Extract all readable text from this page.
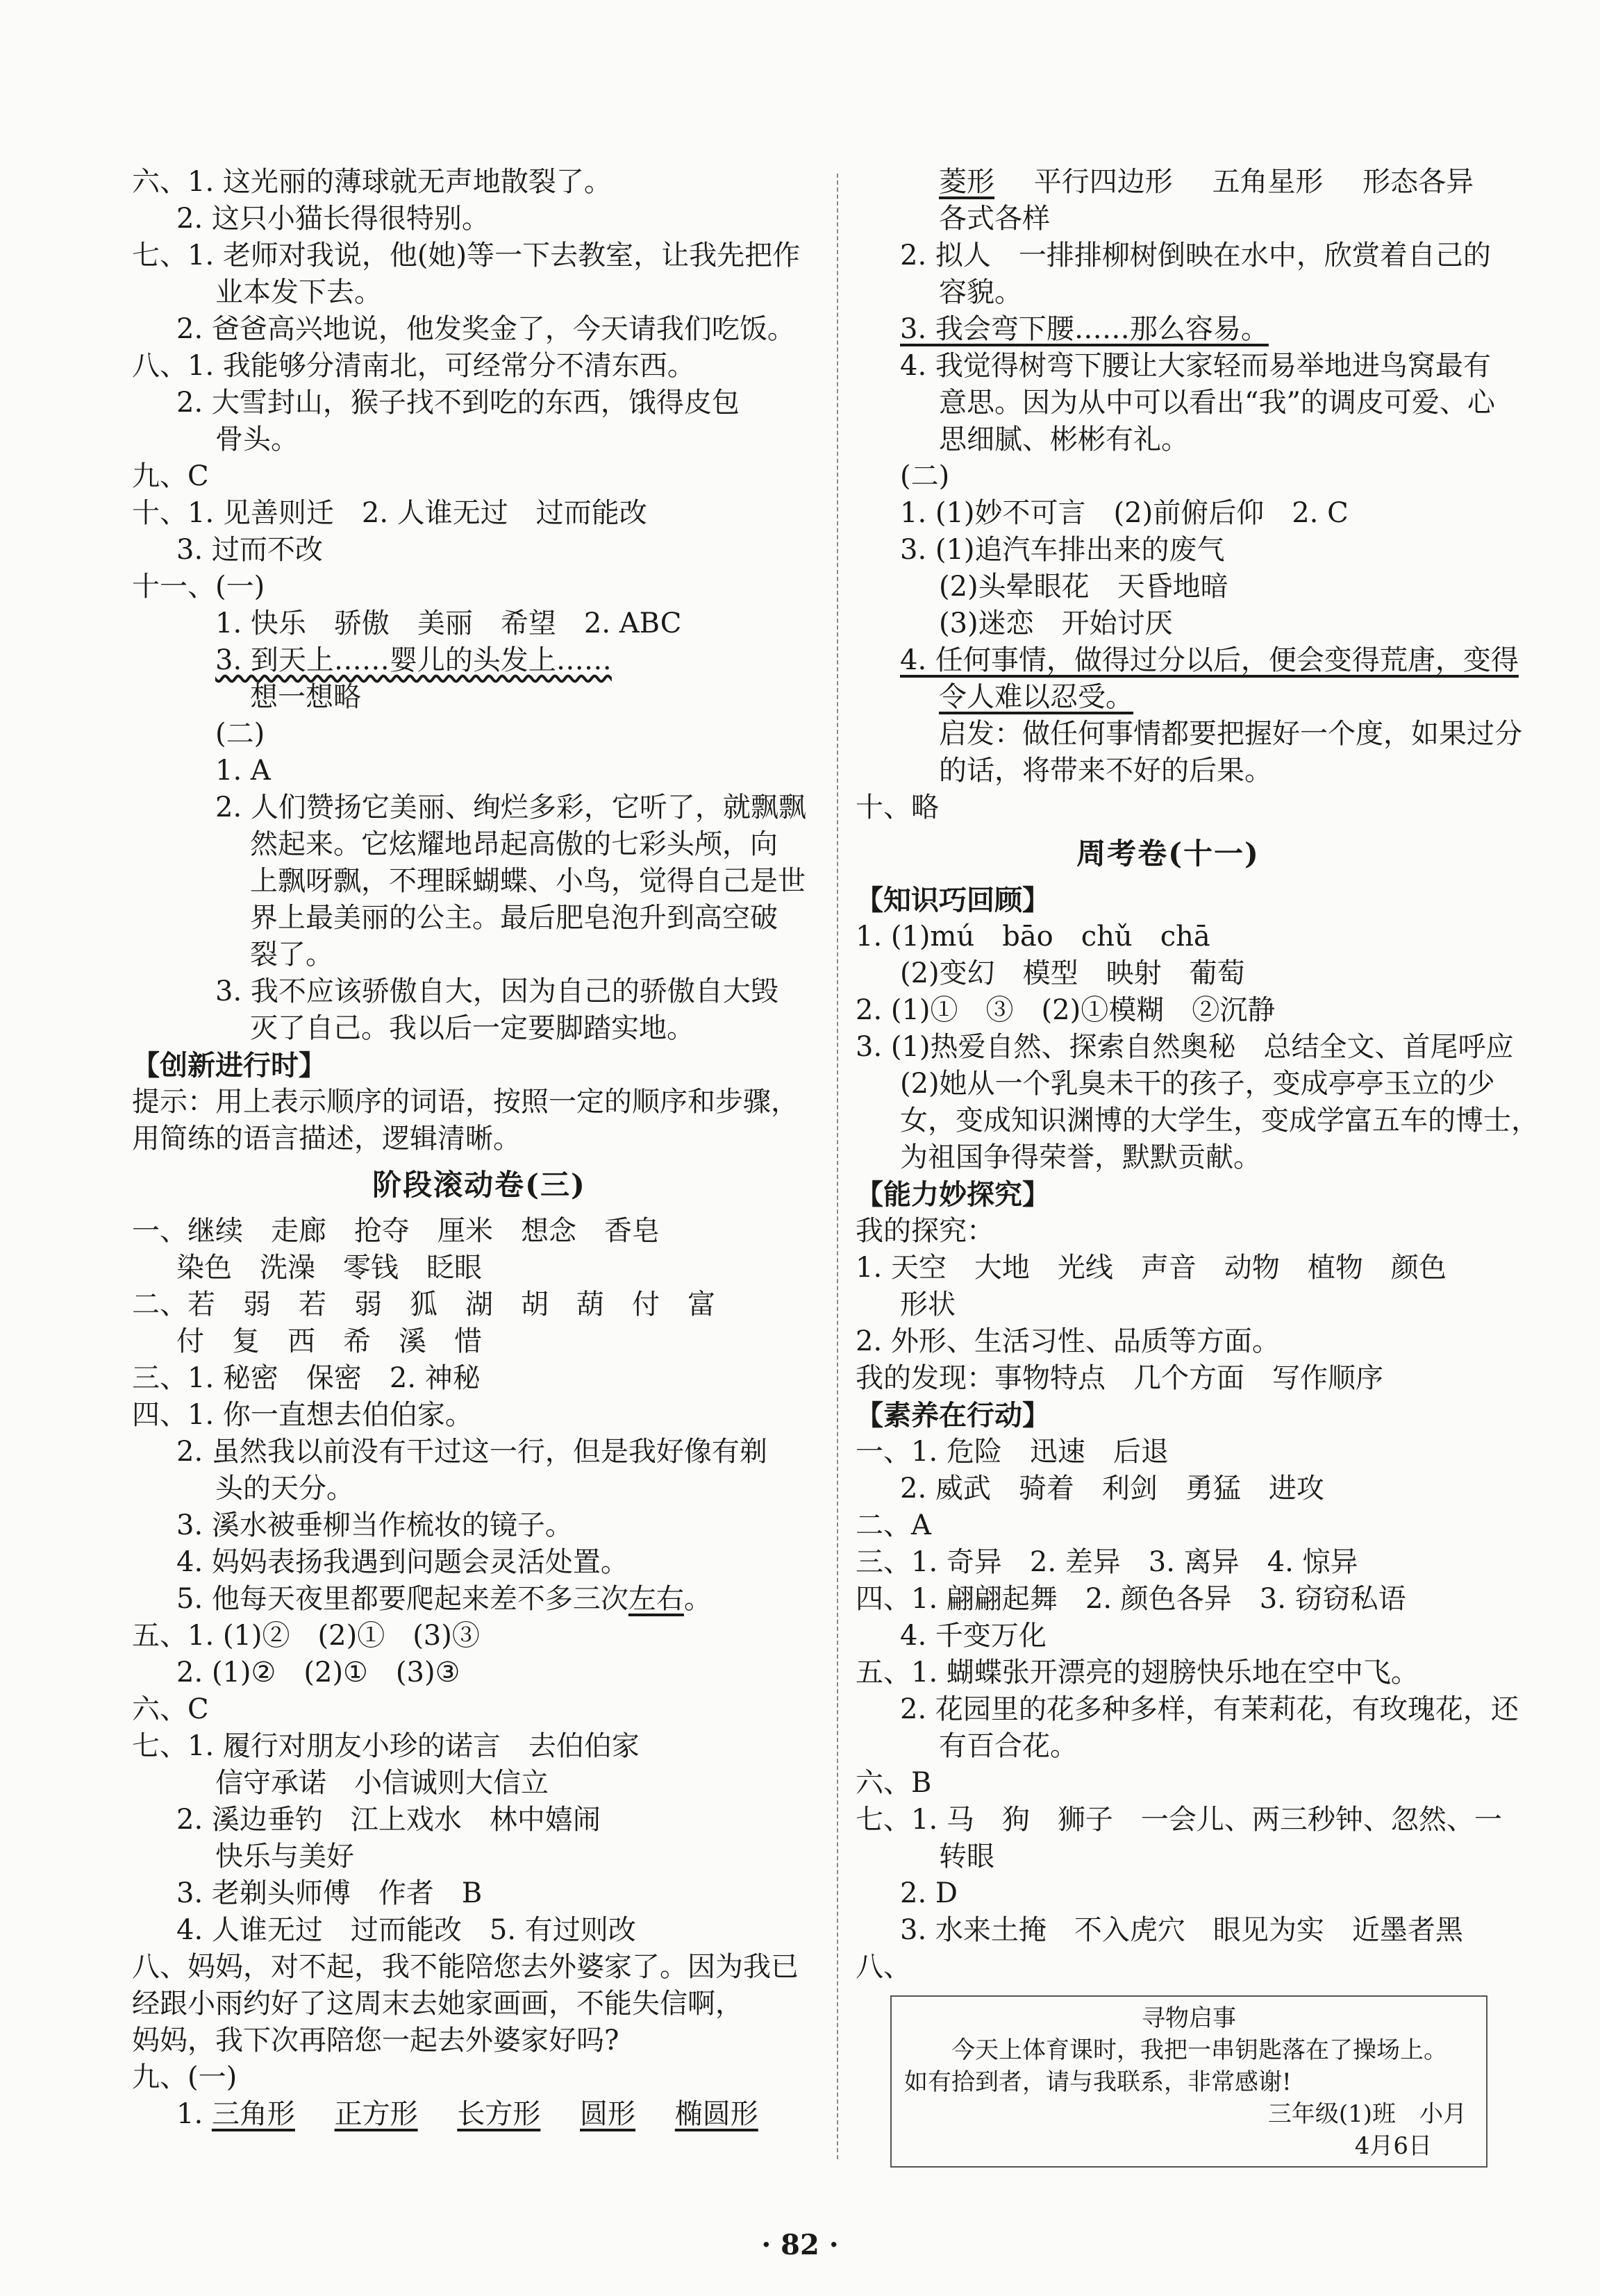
六、1. 这光丽的薄球就无声地散裂了。
2. 这只小猫长得很特别。
七、1. 老师对我说，他(她)等一下去教室，让我先把作
业本发下去。
2. 爸爸高兴地说，他发奖金了，今天请我们吃饭。
八、1. 我能够分清南北，可经常分不清东西。
2. 大雪封山，猴子找不到吃的东西，饿得皮包
骨头。
九、C
十、1. 见善则迁　 2. 人谁无过　过而能改
3. 过而不改
十一、(一)
1. 快乐　骄傲　美丽　希望　2. ABC
3. 到天上……婴儿的头发上……
想一想略
(二)
1. A
2. 人们赞扬它美丽、绚烂多彩，它听了，就飘飘
然起来。它炫耀地昂起高傲的七彩头颅，向
上飘呀飘，不理睬蝴蝶、小鸟，觉得自己是世
界上最美丽的公主。最后肥皂泡升到高空破
裂了。
3. 我不应该骄傲自大，因为自己的骄傲自大毁
灭了自己。我以后一定要脚踏实地。
【创新进行时】
提示：用上表示顺序的词语，按照一定的顺序和步骤，
用简练的语言描述，逻辑清晰。
阶段滚动卷(三)
一、继续　走廊　抢夺　厘米　想念　香皂
染色　洗澡　零钱　眨眼
二、若　弱　若　弱　狐　湖　胡　葫　付　富
付　复　西　希　溪　惜
三、1. 秘密　保密　2. 神秘
四、1. 你一直想去伯伯家。
2. 虽然我以前没有干过这一行，但是我好像有剃
头的天分。
3. 溪水被垂柳当作梳妆的镜子。
4. 妈妈表扬我遇到问题会灵活处置。
5. 他每天夜里都要爬起来差不多三次左右。
五、1. (1)②　(2)①　(3)③
2. (1)②　(2)①　(3)③
六、C
七、1. 履行对朋友小珍的诺言　去伯伯家
信守承诺　小信诚则大信立
2. 溪边垂钓　江上戏水　林中嬉闹
快乐与美好
3. 老剃头师傅　作者　B
4. 人谁无过　过而能改　5. 有过则改
八、妈妈，对不起，我不能陪您去外婆家了。因为我已
经跟小雨约好了这周末去她家画画，不能失信啊，
妈妈，我下次再陪您一起去外婆家好吗?
九、(一)
1. 三角形 正方形 长方形 圆形 椭圆形
菱形 平行四边形 五角星形 形态各异
各式各样
2. 拟人　一排排柳树倒映在水中，欣赏着自己的
容貌。
3. 我会弯下腰……那么容易。
4. 我觉得树弯下腰让大家轻而易举地进鸟窝最有
意思。因为从中可以看出“我”的调皮可爱、心
思细腻、彬彬有礼。
(二)
1. (1)妙不可言　(2)前俯后仰　2. C
3. (1)追汽车排出来的废气
(2)头晕眼花　天昏地暗
(3)迷恋　开始讨厌
4. 任何事情，做得过分以后，便会变得荒唐，变得
令人难以忍受。
启发：做任何事情都要把握好一个度，如果过分
的话，将带来不好的后果。
十、略
周考卷(十一)
【知识巧回顾】
1. (1)mú　bāo　chǔ　chā
(2)变幻　模型　映射　葡萄
2. (1)①　③　(2)①模糊　②沉静
3. (1)热爱自然、探索自然奥秘　总结全文、首尾呼应
(2)她从一个乳臭未干的孩子，变成亭亭玉立的少
女，变成知识渊博的大学生，变成学富五车的博士，
为祖国争得荣誉，默默贡献。
【能力妙探究】
我的探究：
1. 天空　大地　光线　声音　动物　植物　颜色
形状
2. 外形、生活习性、品质等方面。
我的发现：事物特点　几个方面　写作顺序
【素养在行动】
一、1. 危险　迅速　后退
2. 威武　骑着　利剑　勇猛　进攻
二、A
三、1. 奇异　2. 差异　3. 离异　4. 惊异
四、1. 翩翩起舞　2. 颜色各异　3. 窃窃私语
4. 千变万化
五、1. 蝴蝶张开漂亮的翅膀快乐地在空中飞。
2. 花园里的花多种多样，有茉莉花，有玫瑰花，还
有百合花。
六、B
七、1. 马　狗　狮子　一会儿、两三秒钟、忽然、一
转眼
2. D
3. 水来土掩　不入虎穴　眼见为实　近墨者黑
八、
寻物启事
今天上体育课时，我把一串钥匙落在了操场上。
如有拾到者，请与我联系，非常感谢!
三年级(1)班　小月
4月6日
· 82 ·
